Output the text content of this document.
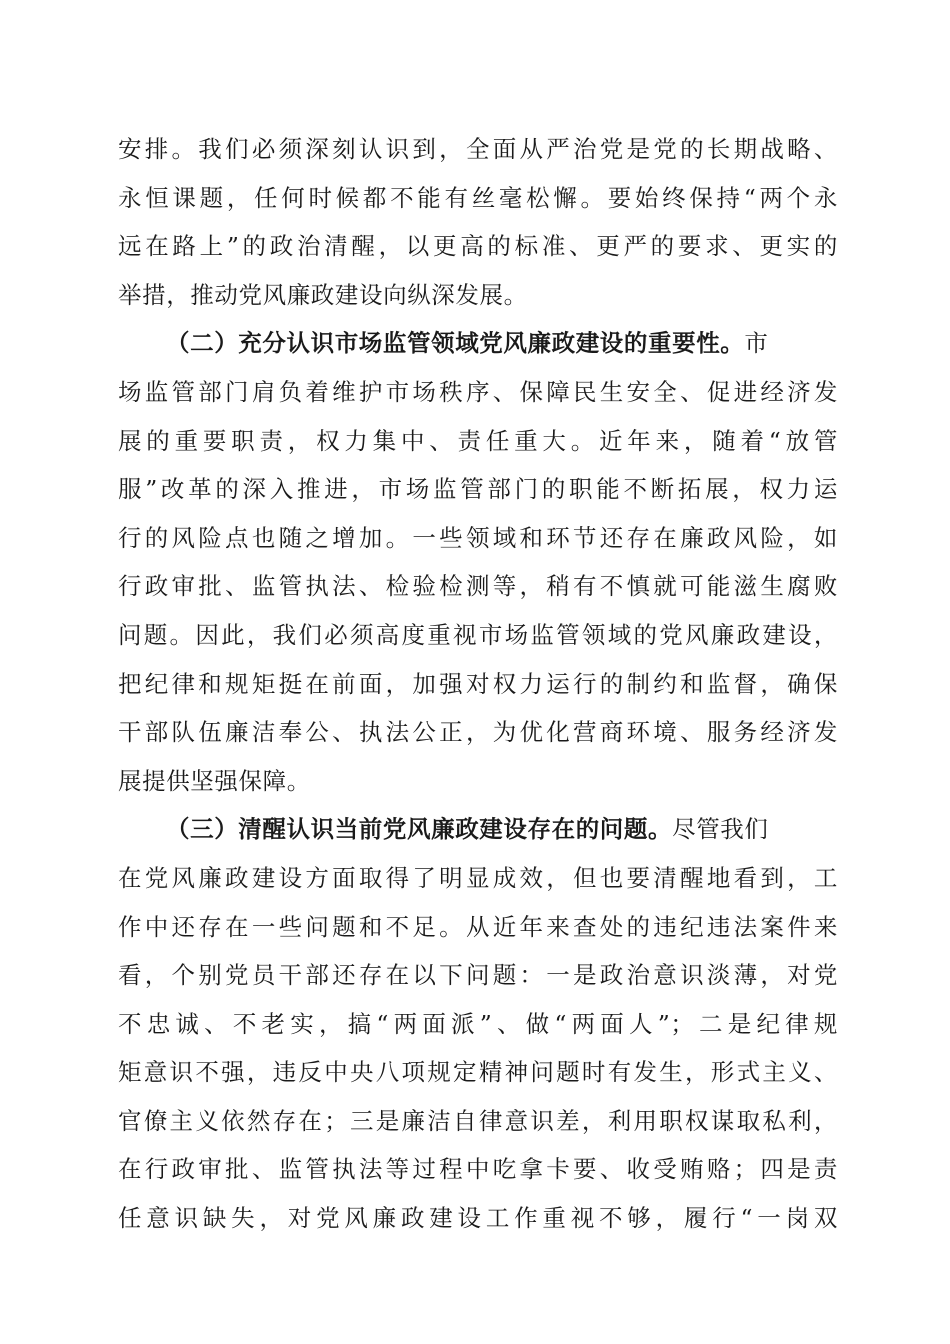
安排。我们必须深刻认识到，全面从严治党是党的长期战略、
永恒课题，任何时候都不能有丝毫松懈。要始终保持“两个永
远在路上”的政治清醒，以更高的标准、更严的要求、更实的
举措，推动党风廉政建设向纵深发展。
（二）充分认识市场监管领域党风廉政建设的重要性。市
场监管部门肩负着维护市场秩序、保障民生安全、促进经济发
展的重要职责，权力集中、责任重大。近年来，随着“放管
服”改革的深入推进，市场监管部门的职能不断拓展，权力运
行的风险点也随之增加。一些领域和环节还存在廉政风险，如
行政审批、监管执法、检验检测等，稍有不慎就可能滋生腐败
问题。因此，我们必须高度重视市场监管领域的党风廉政建设，
把纪律和规矩挺在前面，加强对权力运行的制约和监督，确保
干部队伍廉洁奉公、执法公正，为优化营商环境、服务经济发
展提供坚强保障。
（三）清醒认识当前党风廉政建设存在的问题。尽管我们
在党风廉政建设方面取得了明显成效，但也要清醒地看到，工
作中还存在一些问题和不足。从近年来查处的违纪违法案件来
看，个别党员干部还存在以下问题：一是政治意识淡薄，对党
不忠诚、不老实，搞“两面派”、做“两面人”；二是纪律规
矩意识不强，违反中央八项规定精神问题时有发生，形式主义、
官僚主义依然存在；三是廉洁自律意识差，利用职权谋取私利，
在行政审批、监管执法等过程中吃拿卡要、收受贿赂；四是责
任意识缺失，对党风廉政建设工作重视不够，履行“一岗双
